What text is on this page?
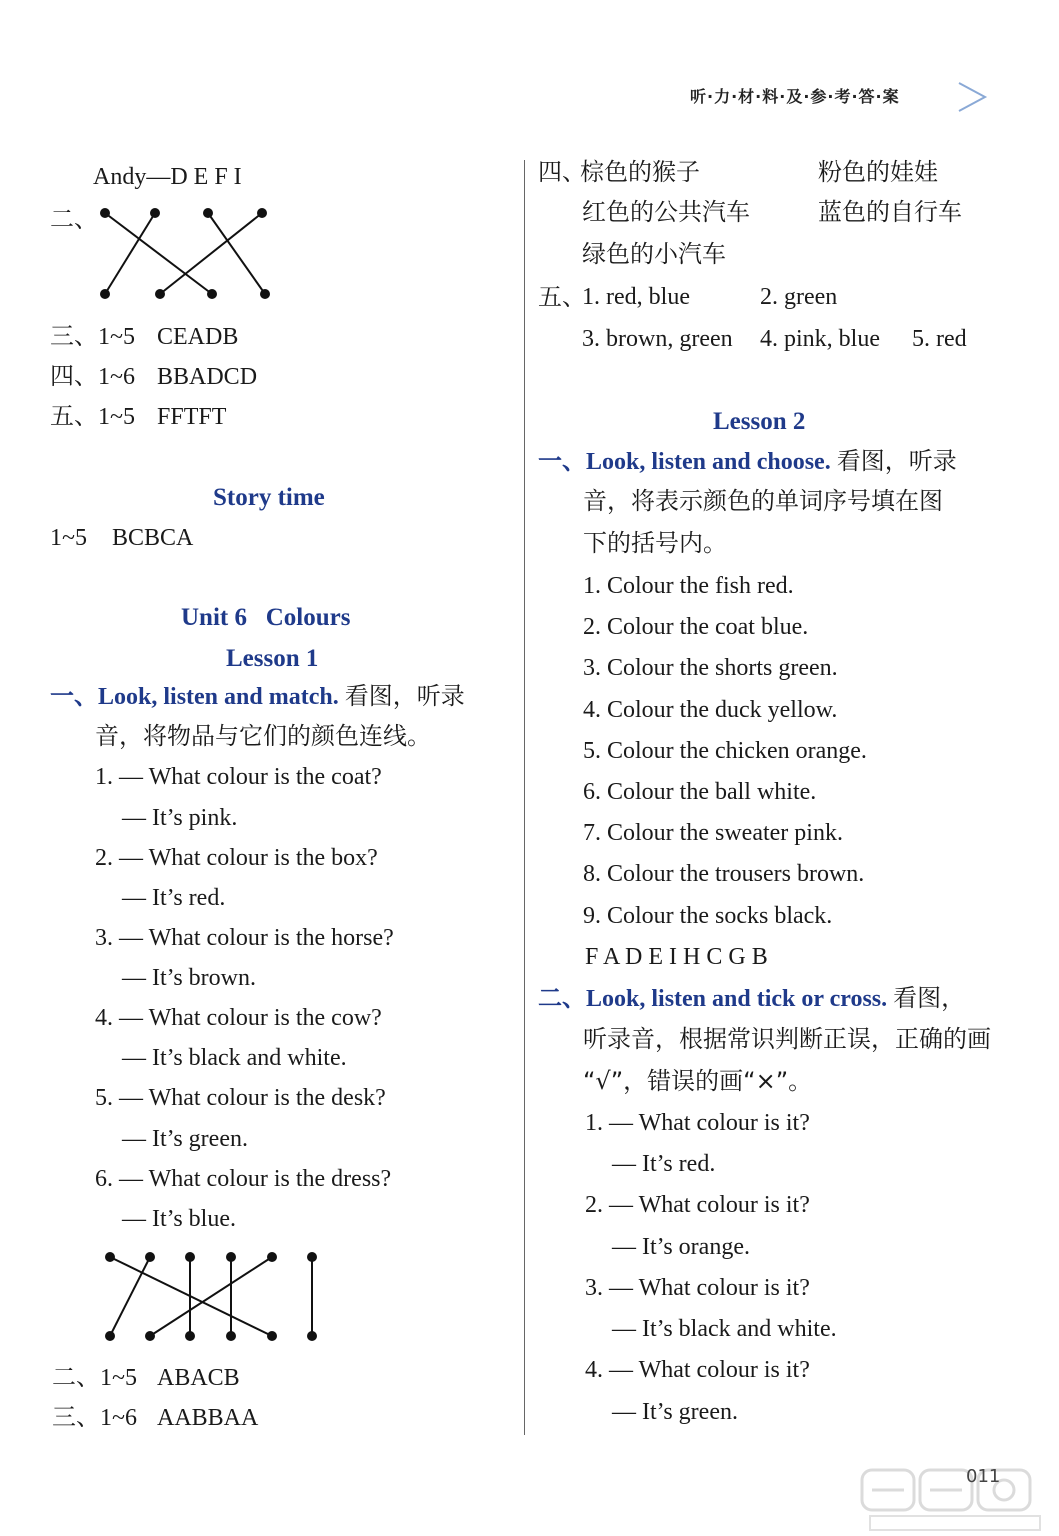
听·力·材·料·及·参·考·答·案
Andy—D E F I
二、
三、1~5 CEADB
四、1~6 BBADCD
五、1~5 FFTFT
Story time
1~5 BCBCA
Unit 6   Colours
Lesson 1
一、Look, listen and match. 看图，听录
音，将物品与它们的颜色连线。
1. — What colour is the coat?
— It’s pink.
2. — What colour is the box?
— It’s red.
3. — What colour is the horse?
— It’s brown.
4. — What colour is the cow?
— It’s black and white.
5. — What colour is the desk?
— It’s green.
6. — What colour is the dress?
— It’s blue.
二、1~5 ABACB
三、1~6 AABBAA
四、
棕色的猴子	粉色的娃娃
红色的公共汽车	蓝色的自行车
绿色的小汽车
五、
1. red, blue	2. green
3. brown, green 4. pink, blue 5. red
Lesson 2
一、Look, listen and choose. 看图，听录
音，将表示颜色的单词序号填在图
下的括号内。
1. Colour the fish red.
2. Colour the coat blue.
3. Colour the shorts green.
4. Colour the duck yellow.
5. Colour the chicken orange.
6. Colour the ball white.
7. Colour the sweater pink.
8. Colour the trousers brown.
9. Colour the socks black.
F A D E I H C G B
二、Look, listen and tick or cross. 看图，
听录音，根据常识判断正误，正确的画
“√”，错误的画“×”。
1. — What colour is it?
— It’s red.
2. — What colour is it?
— It’s orange.
3. — What colour is it?
— It’s black and white.
4. — What colour is it?
— It’s green.
011
